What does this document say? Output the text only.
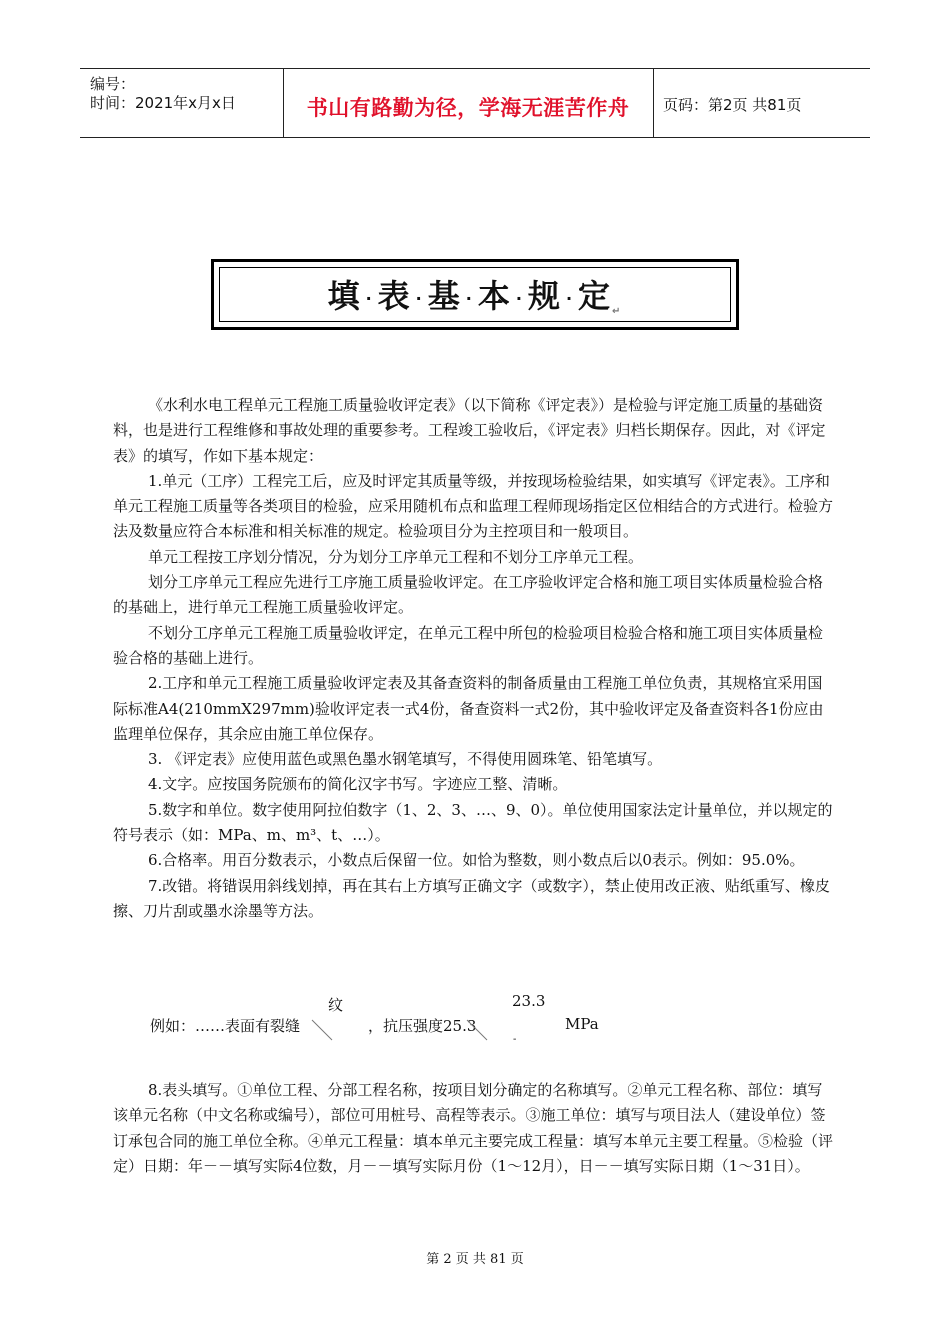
编号：
时间：2021年x月x日	书山有路勤为径，学海无涯苦作舟	页码：第2页 共81页
填 · 表 · 基 · 本 · 规 · 定↵

《水利水电工程单元工程施工质量验收评定表》（以下简称《评定表》）是检验与评定施工质量的基础资料，也是进行工程维修和事故处理的重要参考。工程竣工验收后，《评定表》归档长期保存。因此，对《评定表》的填写，作如下基本规定：

1.单元（工序）工程完工后，应及时评定其质量等级，并按现场检验结果，如实填写《评定表》。工序和单元工程施工质量等各类项目的检验，应采用随机布点和监理工程师现场指定区位相结合的方式进行。检验方法及数量应符合本标准和相关标准的规定。检验项目分为主控项目和一般项目。

单元工程按工序划分情况，分为划分工序单元工程和不划分工序单元工程。

划分工序单元工程应先进行工序施工质量验收评定。在工序验收评定合格和施工项目实体质量检验合格的基础上，进行单元工程施工质量验收评定。

不划分工序单元工程施工质量验收评定，在单元工程中所包的检验项目检验合格和施工项目实体质量检验合格的基础上进行。

2.工序和单元工程施工质量验收评定表及其备查资料的制备质量由工程施工单位负责，其规格宜采用国际标准A4(210mmX297mm)验收评定表一式4份，备查资料一式2份，其中验收评定及备查资料各1份应由监理单位保存，其余应由施工单位保存。

3. 《评定表》应使用蓝色或黑色墨水钢笔填写，不得使用圆珠笔、铅笔填写。

4.文字。应按国务院颁布的简化汉字书写。字迹应工整、清晰。

5.数字和单位。数字使用阿拉伯数字（1、2、3、…、9、0）。单位使用国家法定计量单位，并以规定的符号表示（如：MPa、m、m³、t、…）。

6.合格率。用百分数表示，小数点后保留一位。如恰为整数，则小数点后以0表示。例如：95.0%。

7.改错。将错误用斜线划掉，再在其右上方填写正确文字（或数字），禁止使用改正液、贴纸重写、橡皮擦、刀片刮或墨水涂墨等方法。

纹	23.3
例如：……表面有裂缝	，抗压强度25.3	MPa
-

8.表头填写。①单位工程、分部工程名称，按项目划分确定的名称填写。②单元工程名称、部位：填写该单元名称（中文名称或编号），部位可用桩号、高程等表示。③施工单位：填写与项目法人（建设单位）签订承包合同的施工单位全称。④单元工程量：填本单元主要完成工程量：填写本单元主要工程量。⑤检验（评定）日期：年－－填写实际4位数，月－－填写实际月份（1～12月），日－－填写实际日期（1～31日）。

第 2 页 共 81 页
